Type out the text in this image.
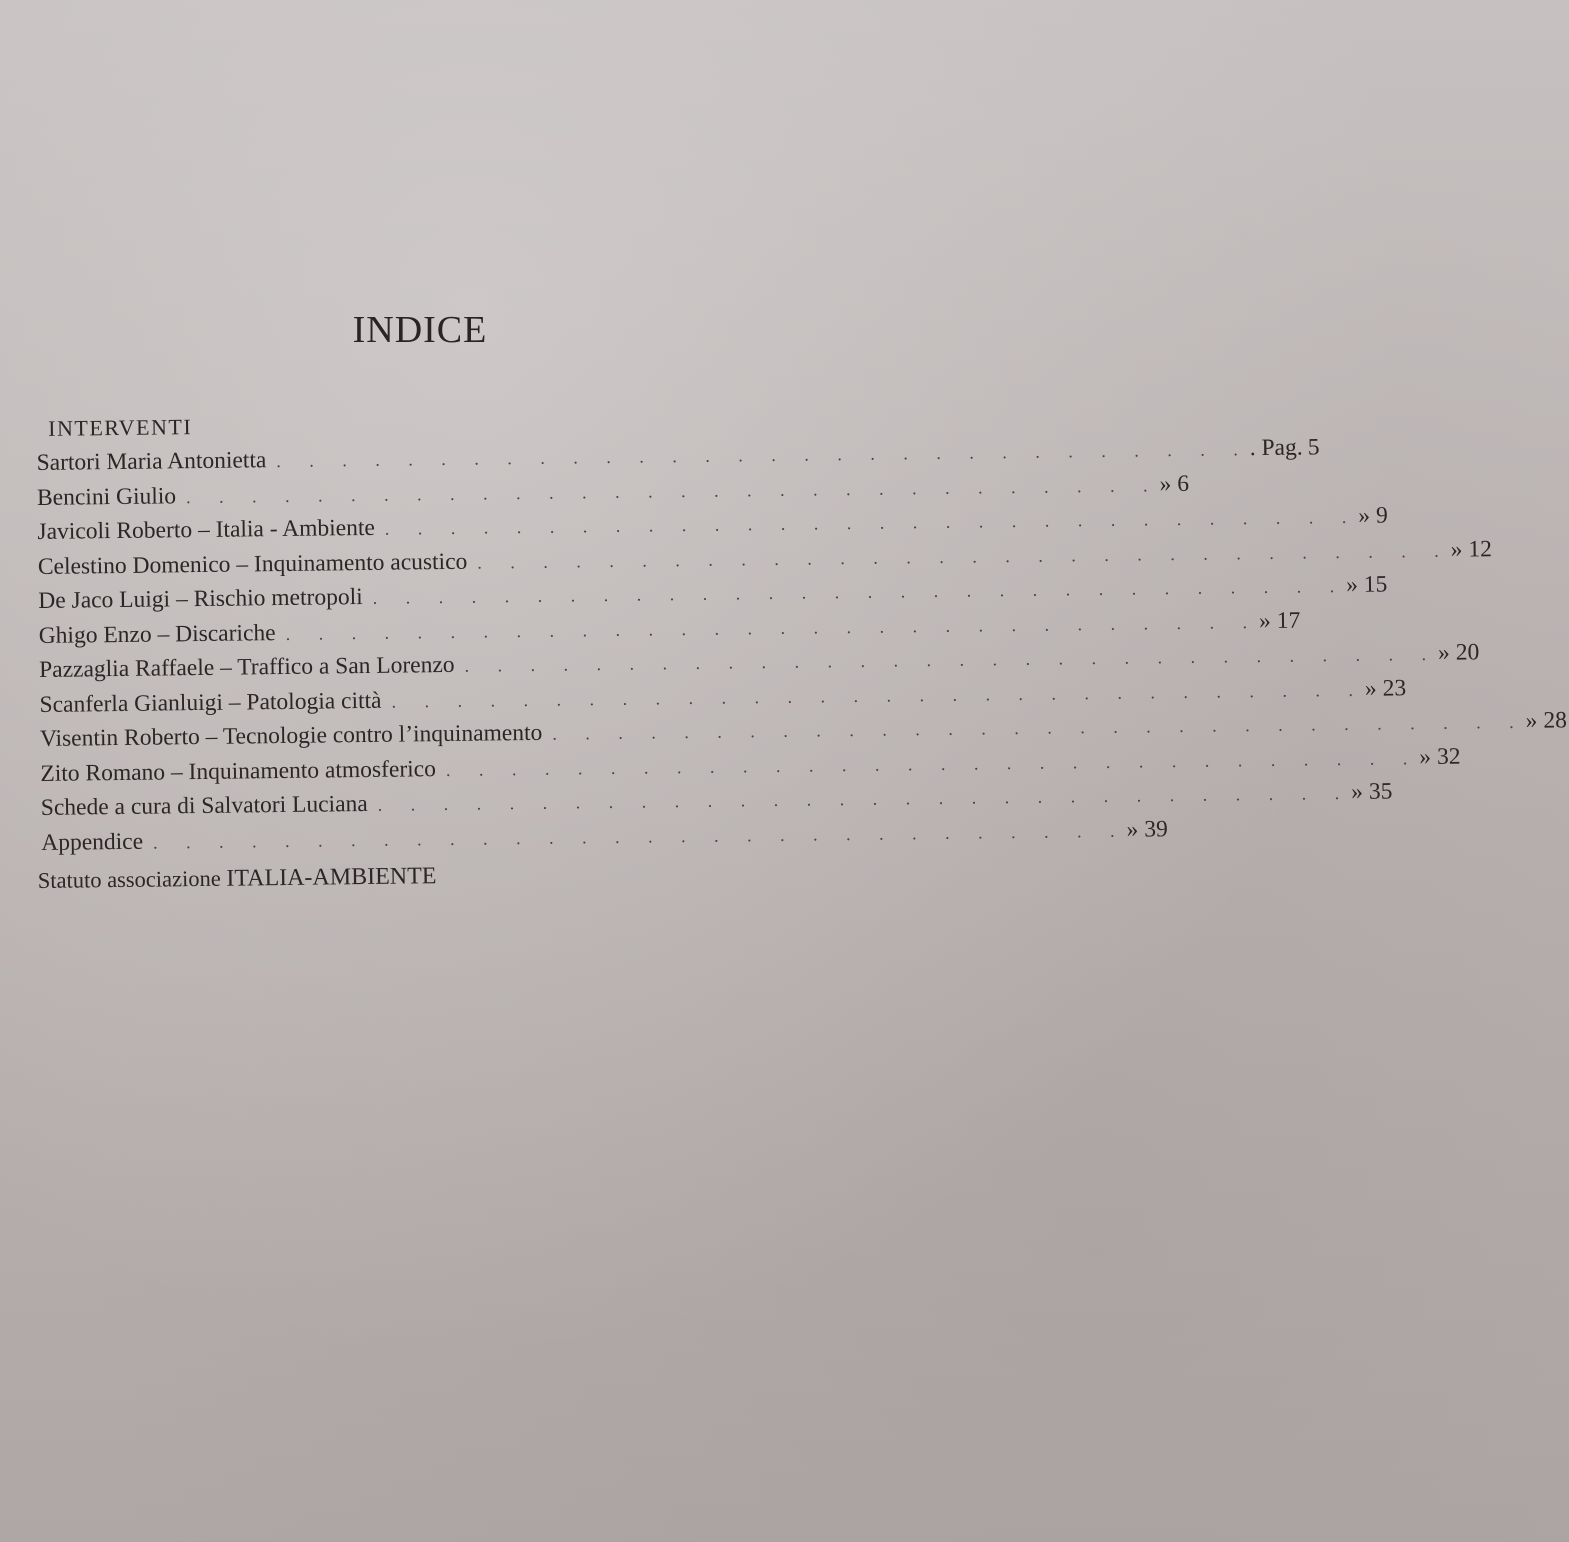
INDICE
INTERVENTI
Sartori Maria Antonietta . . . . . . . . . . . . . . . . . . . . . . . . . . . . . . . Pag. 5
Bencini Giulio . . . . . . . . . . . . . . . . . . . . . . . . . . . . . . » 6
Javicoli Roberto – Italia - Ambiente . . . . . . . . . . . . . . . . . . . . . . . . . . . . . . » 9
Celestino Domenico – Inquinamento acustico . . . . . . . . . . . . . . . . . . . . . . . . . . . . . . » 12
De Jaco Luigi – Rischio metropoli . . . . . . . . . . . . . . . . . . . . . . . . . . . . . . » 15
Ghigo Enzo – Discariche . . . . . . . . . . . . . . . . . . . . . . . . . . . . . . » 17
Pazzaglia Raffaele – Traffico a San Lorenzo . . . . . . . . . . . . . . . . . . . . . . . . . . . . . . » 20
Scanferla Gianluigi – Patologia città . . . . . . . . . . . . . . . . . . . . . . . . . . . . . . » 23
Visentin Roberto – Tecnologie contro l’inquinamento . . . . . . . . . . . . . . . . . . . . . . . . . . . . . . » 28
Zito Romano – Inquinamento atmosferico . . . . . . . . . . . . . . . . . . . . . . . . . . . . . . » 32
Schede a cura di Salvatori Luciana . . . . . . . . . . . . . . . . . . . . . . . . . . . . . . » 35
Appendice . . . . . . . . . . . . . . . . . . . . . . . . . . . . . . » 39
Statuto associazione ITALIA-AMBIENTE
